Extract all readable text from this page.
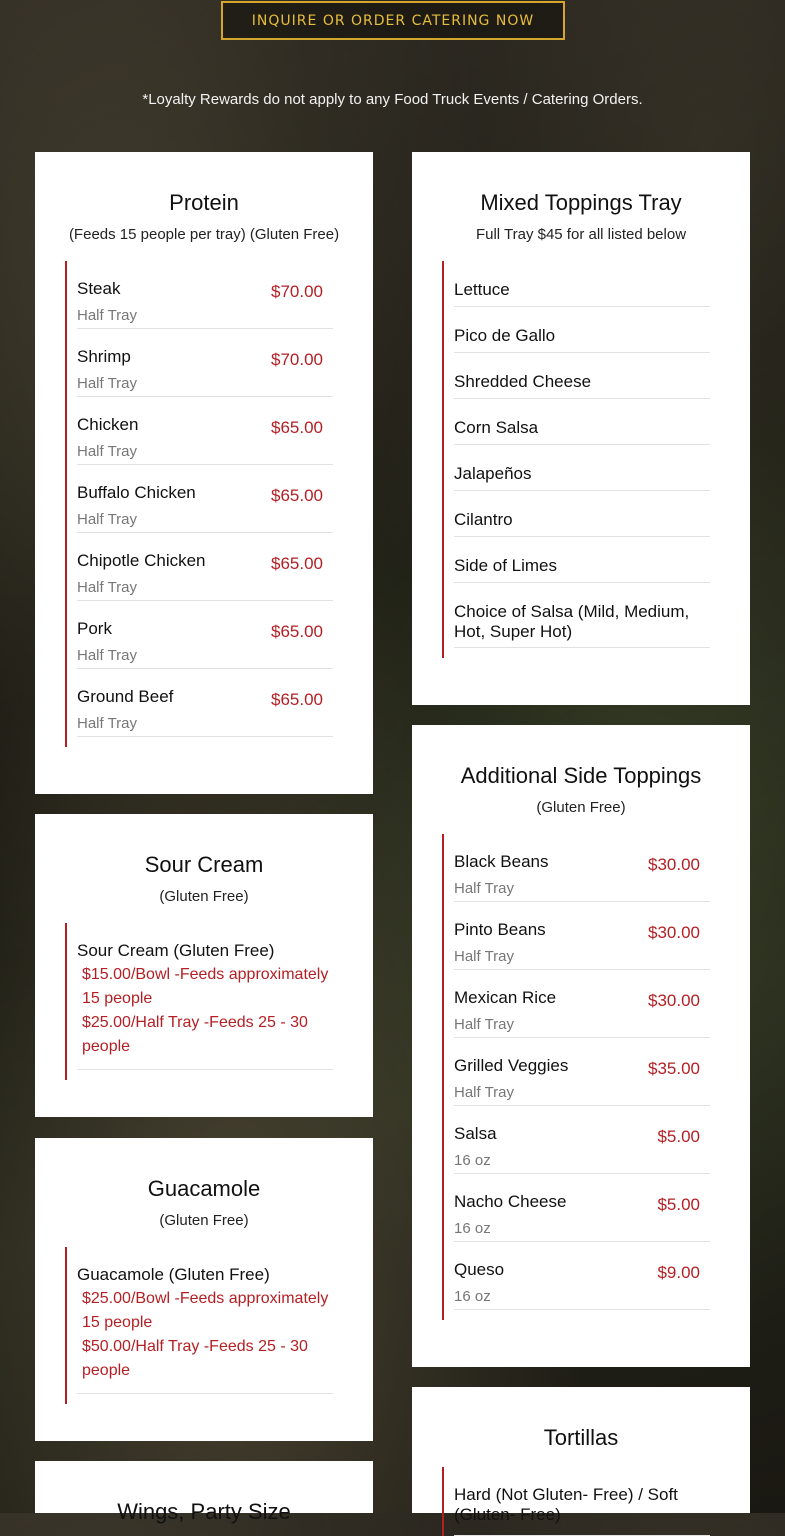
INQUIRE OR ORDER CATERING NOW
*Loyalty Rewards do not apply to any Food Truck Events / Catering Orders.
Protein
(Feeds 15 people per tray) (Gluten Free)
Steak
Half Tray
$70.00
Shrimp
Half Tray
$70.00
Chicken
Half Tray
$65.00
Buffalo Chicken
Half Tray
$65.00
Chipotle Chicken
Half Tray
$65.00
Pork
Half Tray
$65.00
Ground Beef
Half Tray
$65.00
Mixed Toppings Tray
Full Tray $45 for all listed below
Lettuce
Pico de Gallo
Shredded Cheese
Corn Salsa
Jalapeños
Cilantro
Side of Limes
Choice of Salsa (Mild, Medium, Hot, Super Hot)
Sour Cream
(Gluten Free)
Sour Cream (Gluten Free)
$15.00/Bowl -Feeds approximately 15 people
$25.00/Half Tray -Feeds 25 - 30 people
Guacamole
(Gluten Free)
Guacamole (Gluten Free)
$25.00/Bowl -Feeds approximately 15 people
$50.00/Half Tray -Feeds 25 - 30 people
Wings, Party Size
Additional Side Toppings
(Gluten Free)
Black Beans
Half Tray
$30.00
Pinto Beans
Half Tray
$30.00
Mexican Rice
Half Tray
$30.00
Grilled Veggies
Half Tray
$35.00
Salsa
16 oz
$5.00
Nacho Cheese
16 oz
$5.00
Queso
16 oz
$9.00
Tortillas
Hard (Not Gluten- Free) / Soft (Gluten- Free)
